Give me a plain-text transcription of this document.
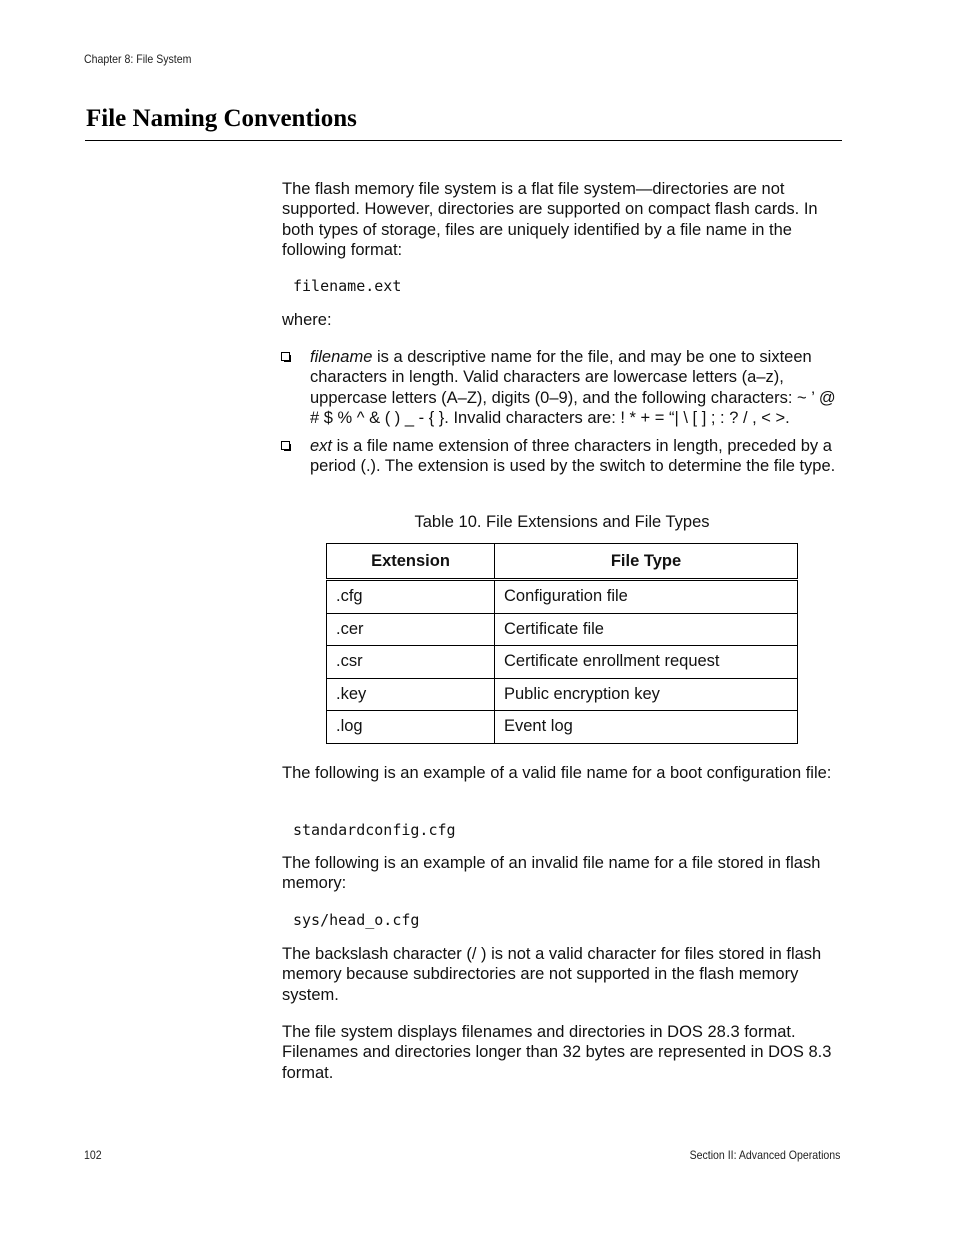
Chapter 8: File System
File Naming Conventions
The flash memory file system is a flat file system—directories are not supported. However, directories are supported on compact flash cards. In both types of storage, files are uniquely identified by a file name in the following format:
filename.ext
where:
filename is a descriptive name for the file, and may be one to sixteen characters in length. Valid characters are lowercase letters (a–z), uppercase letters (A–Z), digits (0–9), and the following characters: ~ ’ @ # $ % ^ & ( ) _ - { }. Invalid characters are: ! * + = “| \ [ ] ; : ? / , < >.
ext is a file name extension of three characters in length, preceded by a period (.). The extension is used by the switch to determine the file type.
Table 10. File Extensions and File Types
Extension	File Type
.cfg	Configuration file
.cer	Certificate file
.csr	Certificate enrollment request
.key	Public encryption key
.log	Event log
The following is an example of a valid file name for a boot configuration file:
standardconfig.cfg
The following is an example of an invalid file name for a file stored in flash memory:
sys/head_o.cfg
The backslash character (/ ) is not a valid character for files stored in flash memory because subdirectories are not supported in the flash memory system.
The file system displays filenames and directories in DOS 28.3 format. Filenames and directories longer than 32 bytes are represented in DOS 8.3 format.
102	Section II: Advanced Operations
